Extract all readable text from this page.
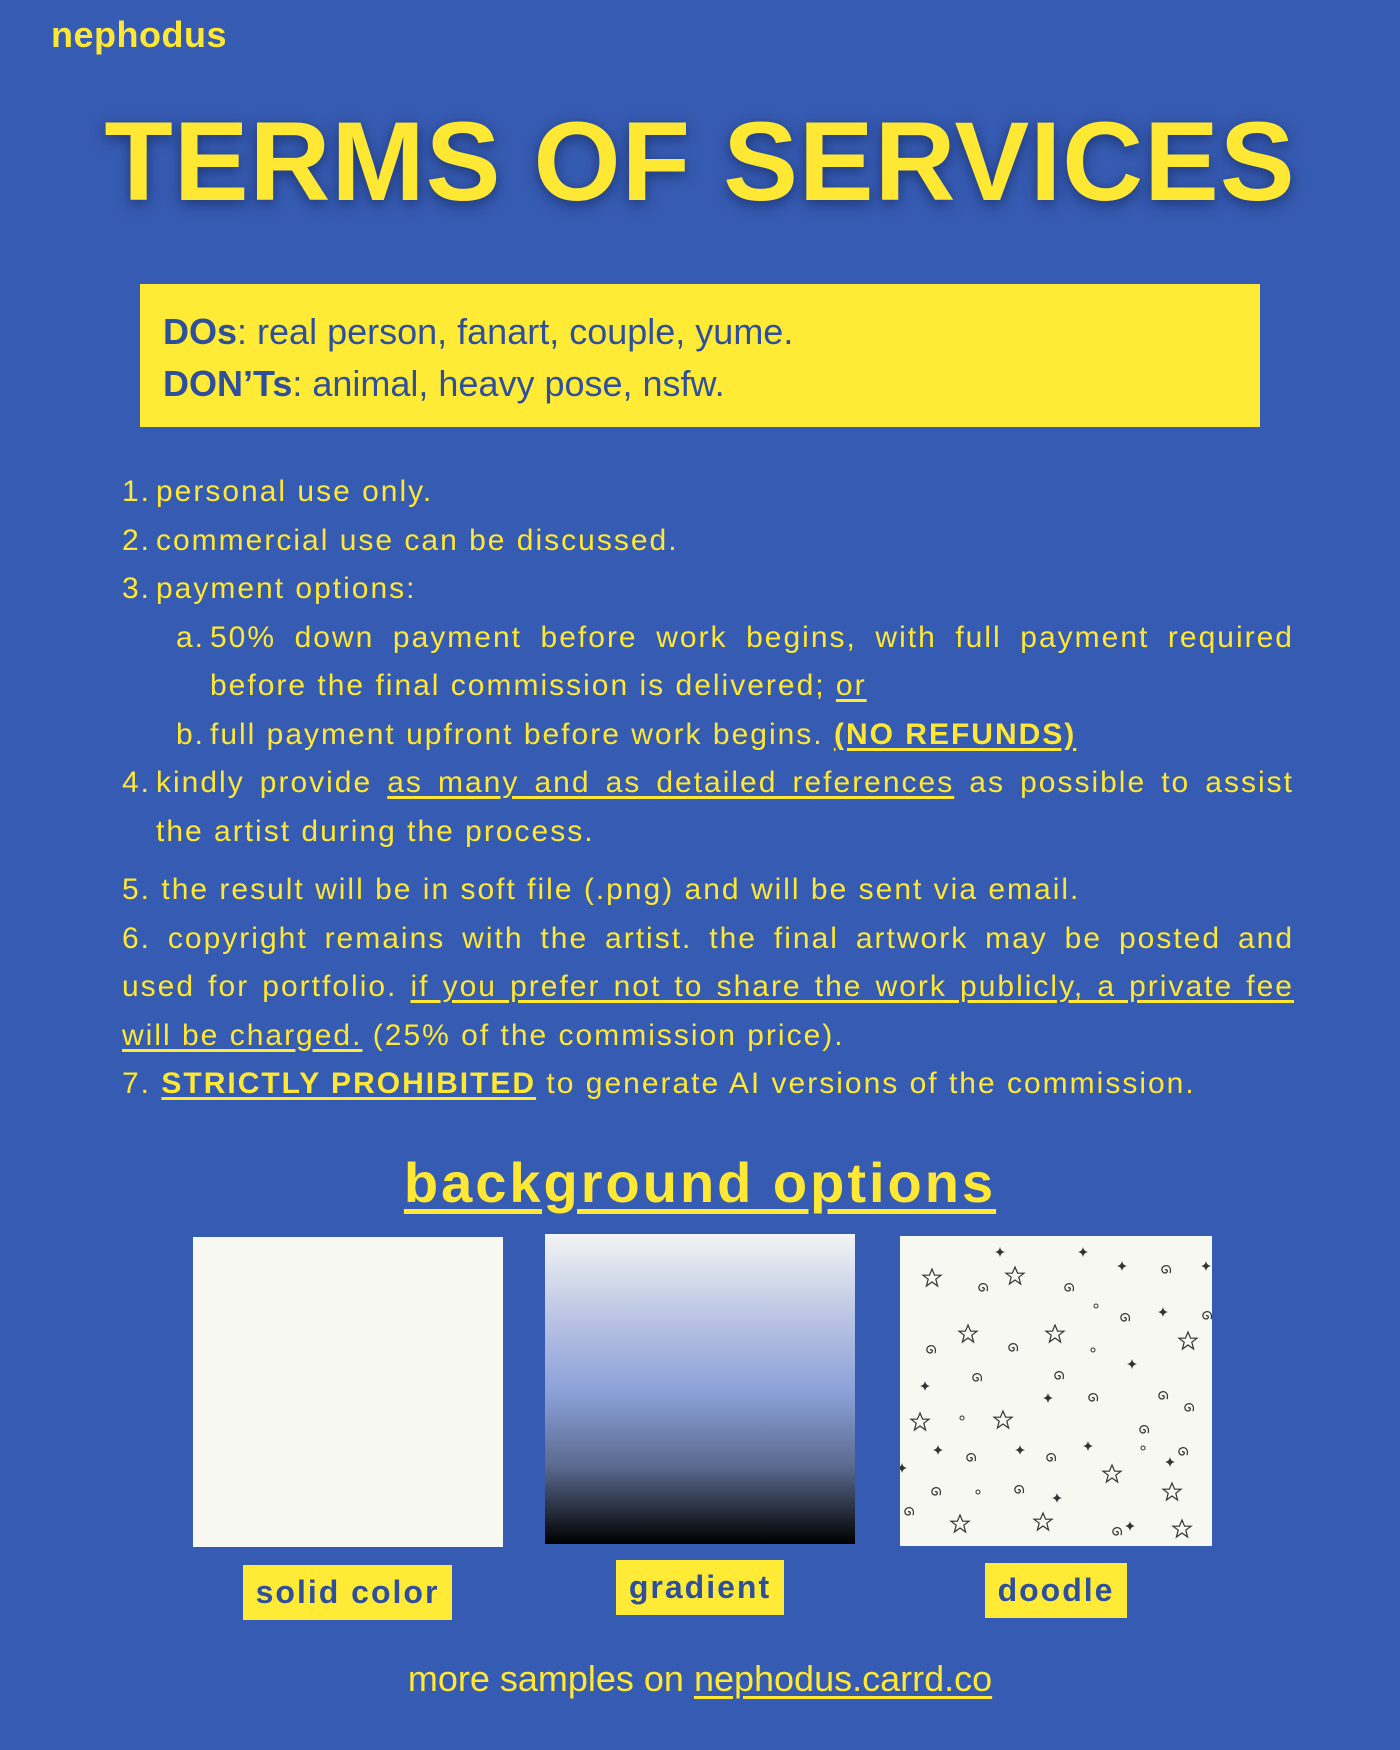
nephodus
TERMS OF SERVICES
DOs: real person, fanart, couple, yume.
DON’Ts: animal, heavy pose, nsfw.
1. personal use only.
2. commercial use can be discussed.
3. payment options:
a. 50% down payment before work begins, with full payment required before the final commission is delivered; or
b. full payment upfront before work begins. (NO REFUNDS)
4. kindly provide as many and as detailed references as possible to assist the artist during the process.
5. the result will be in soft file (.png) and will be sent via email.
6. copyright remains with the artist. the final artwork may be posted and used for portfolio. if you prefer not to share the work publicly, a private fee will be charged. (25% of the commission price).
7. STRICTLY PROHIBITED to generate AI versions of the commission.
background options
solid color	gradient	doodle
more samples on nephodus.carrd.co
